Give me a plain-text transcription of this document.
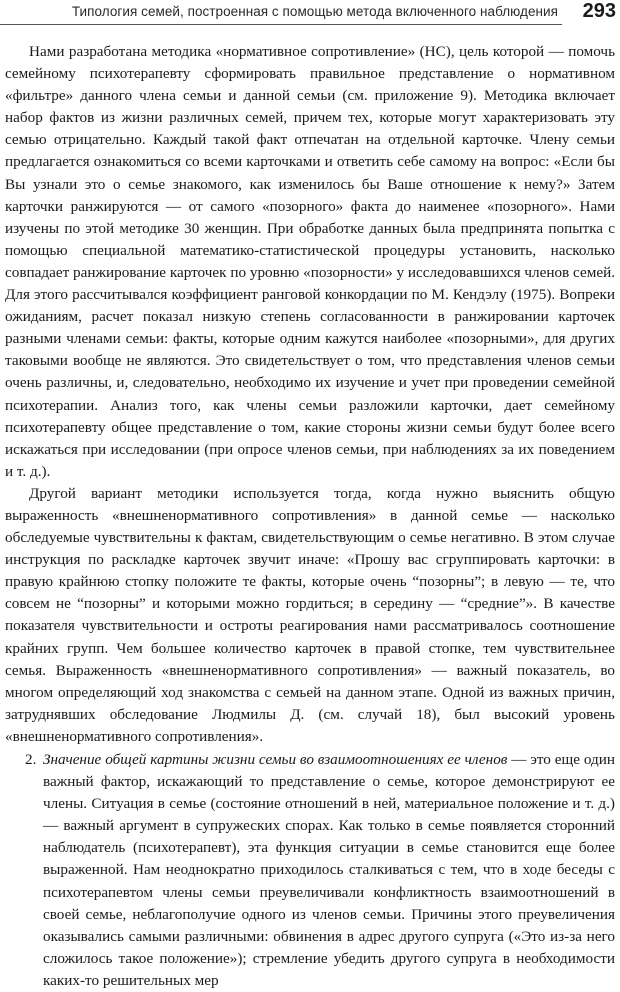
Типология семей, построенная с помощью метода включенного наблюдения 293

Нами разработана методика «нормативное сопротивление» (НС), цель которой — помочь семейному психотерапевту сформировать правильное представление о нормативном «фильтре» данного члена семьи и данной семьи (см. приложение 9). Методика включает набор фактов из жизни различных семей, причем тех, которые могут характеризовать эту семью отрицательно. Каждый такой факт отпечатан на отдельной карточке. Члену семьи предлагается ознакомиться со всеми карточками и ответить себе самому на вопрос: «Если бы Вы узнали это о семье знакомого, как изменилось бы Ваше отношение к нему?» Затем карточки ранжируются — от самого «позорного» факта до наименее «позорного». Нами изучены по этой методике 30 женщин. При обработке данных была предпринята попытка с помощью специальной математико-статистической процедуры установить, насколько совпадает ранжирование карточек по уровню «позорности» у исследовавшихся членов семей. Для этого рассчитывался коэффициент ранговой конкордации по М. Кендэлу (1975). Вопреки ожиданиям, расчет показал низкую степень согласованности в ранжировании карточек разными членами семьи: факты, которые одним кажутся наиболее «позорными», для других таковыми вообще не являются. Это свидетельствует о том, что представления членов семьи очень различны, и, следовательно, необходимо их изучение и учет при проведении семейной психотерапии. Анализ того, как члены семьи разложили карточки, дает семейному психотерапевту общее представление о том, какие стороны жизни семьи будут более всего искажаться при исследовании (при опросе членов семьи, при наблюдениях за их поведением и т. д.).

Другой вариант методики используется тогда, когда нужно выяснить общую выраженность «внешненормативного сопротивления» в данной семье — насколько обследуемые чувствительны к фактам, свидетельствующим о семье негативно. В этом случае инструкция по раскладке карточек звучит иначе: «Прошу вас сгруппировать карточки: в правую крайнюю стопку положите те факты, которые очень “позорны”; в левую — те, что совсем не “позорны” и которыми можно гордиться; в середину — “средние”». В качестве показателя чувствительности и остроты реагирования нами рассматривалось соотношение крайних групп. Чем большее количество карточек в правой стопке, тем чувствительнее семья. Выраженность «внешненормативного сопротивления» — важный показатель, во многом определяющий ход знакомства с семьей на данном этапе. Одной из важных причин, затруднявших обследование Людмилы Д. (см. случай 18), был высокий уровень «внешненормативного сопротивления».

2. Значение общей картины жизни семьи во взаимоотношениях ее членов — это еще один важный фактор, искажающий то представление о семье, которое демонстрируют ее члены. Ситуация в семье (состояние отношений в ней, материальное положение и т. д.) — важный аргумент в супружеских спорах. Как только в семье появляется сторонний наблюдатель (психотерапевт), эта функция ситуации в семье становится еще более выраженной. Нам неоднократно приходилось сталкиваться с тем, что в ходе беседы с психотерапевтом члены семьи преувеличивали конфликтность взаимоотношений в своей семье, неблагополучие одного из членов семьи. Причины этого преувеличения оказывались самыми различными: обвинения в адрес другого супруга («Это из-за него сложилось такое положение»); стремление убедить другого супруга в необходимости каких-то решительных мер
